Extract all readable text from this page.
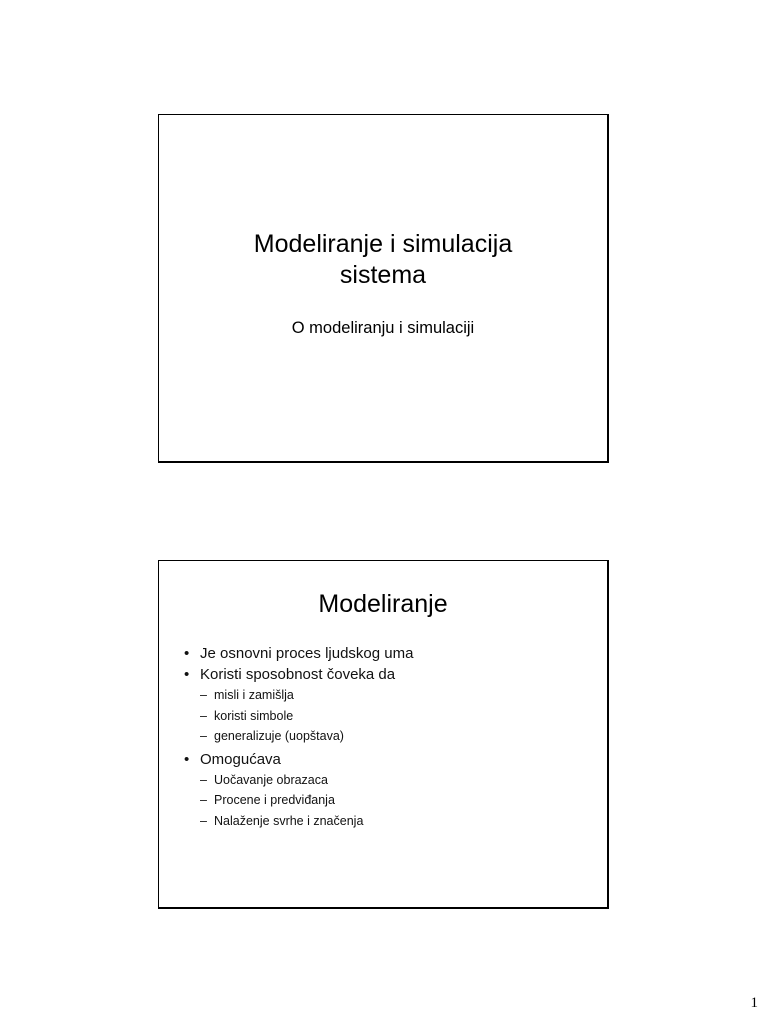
Modeliranje i simulacija
sistema
O modeliranju i simulaciji
Modeliranje
• Je osnovni proces ljudskog uma
• Koristi sposobnost čoveka da
– misli i zamišlja
– koristi simbole
– generalizuje (uopštava)
• Omogućava
– Uočavanje obrazaca
– Procene i predviđanja
– Nalaženje svrhe i značenja
1
